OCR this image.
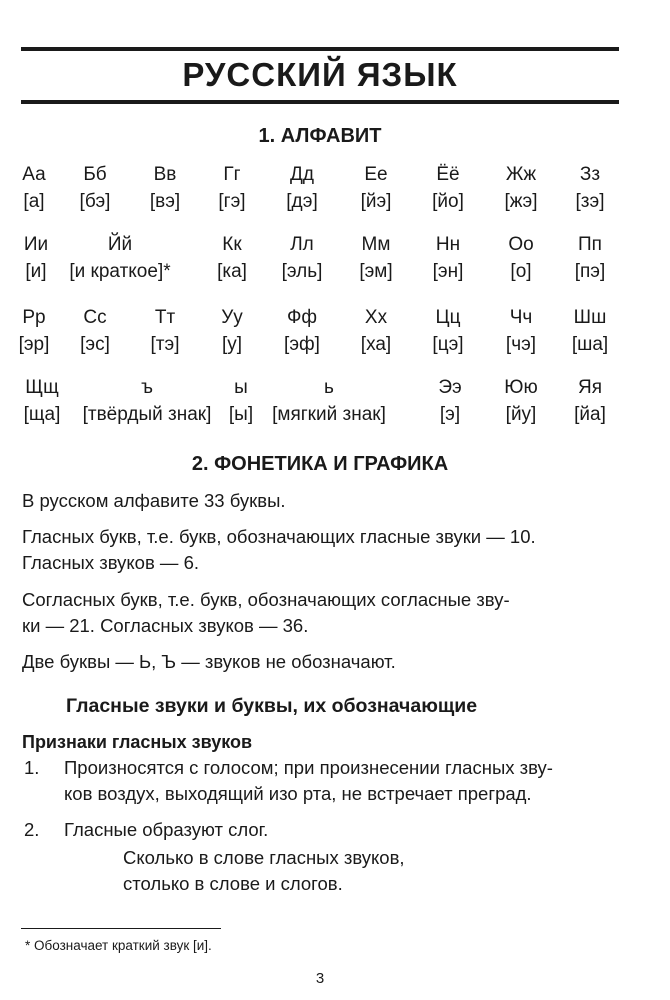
РУССКИЙ ЯЗЫК
1. АЛФАВИТ
Аа
[а]
Бб
[бэ]
Вв
[вэ]
Гг
[гэ]
Дд
[дэ]
Ее
[йэ]
Ёё
[йо]
Жж
[жэ]
Зз
[зэ]
Ии
[и]
Йй
[и краткое]*
Кк
[ка]
Лл
[эль]
Мм
[эм]
Нн
[эн]
Оо
[о]
Пп
[пэ]
Рр
[эр]
Сс
[эс]
Тт
[тэ]
Уу
[у]
Фф
[эф]
Хх
[ха]
Цц
[цэ]
Чч
[чэ]
Шш
[ша]
Щщ
[ща]
ъ
[твёрдый знак]
ы
[ы]
ь
[мягкий знак]
Ээ
[э]
Юю
[йу]
Яя
[йа]
2. ФОНЕТИКА И ГРАФИКА

В русском алфавите 33 буквы.

Гласных букв, т.е. букв, обозначающих гласные звуки — 10.

Гласных звуков — 6.

Согласных букв, т.е. букв, обозначающих согласные зву-

ки — 21. Согласных звуков — 36.

Две буквы — Ь, Ъ — звуков не обозначают.

Гласные звуки и буквы, их обозначающие
Признаки гласных звуков
1. Произносятся с голосом; при произнесении гласных зву-
ков воздух, выходящий изо рта, не встречает преград.
2. Гласные образуют слог.
Сколько в слове гласных звуков,
столько в слове и слогов.
* Обозначает краткий звук [и].
3
